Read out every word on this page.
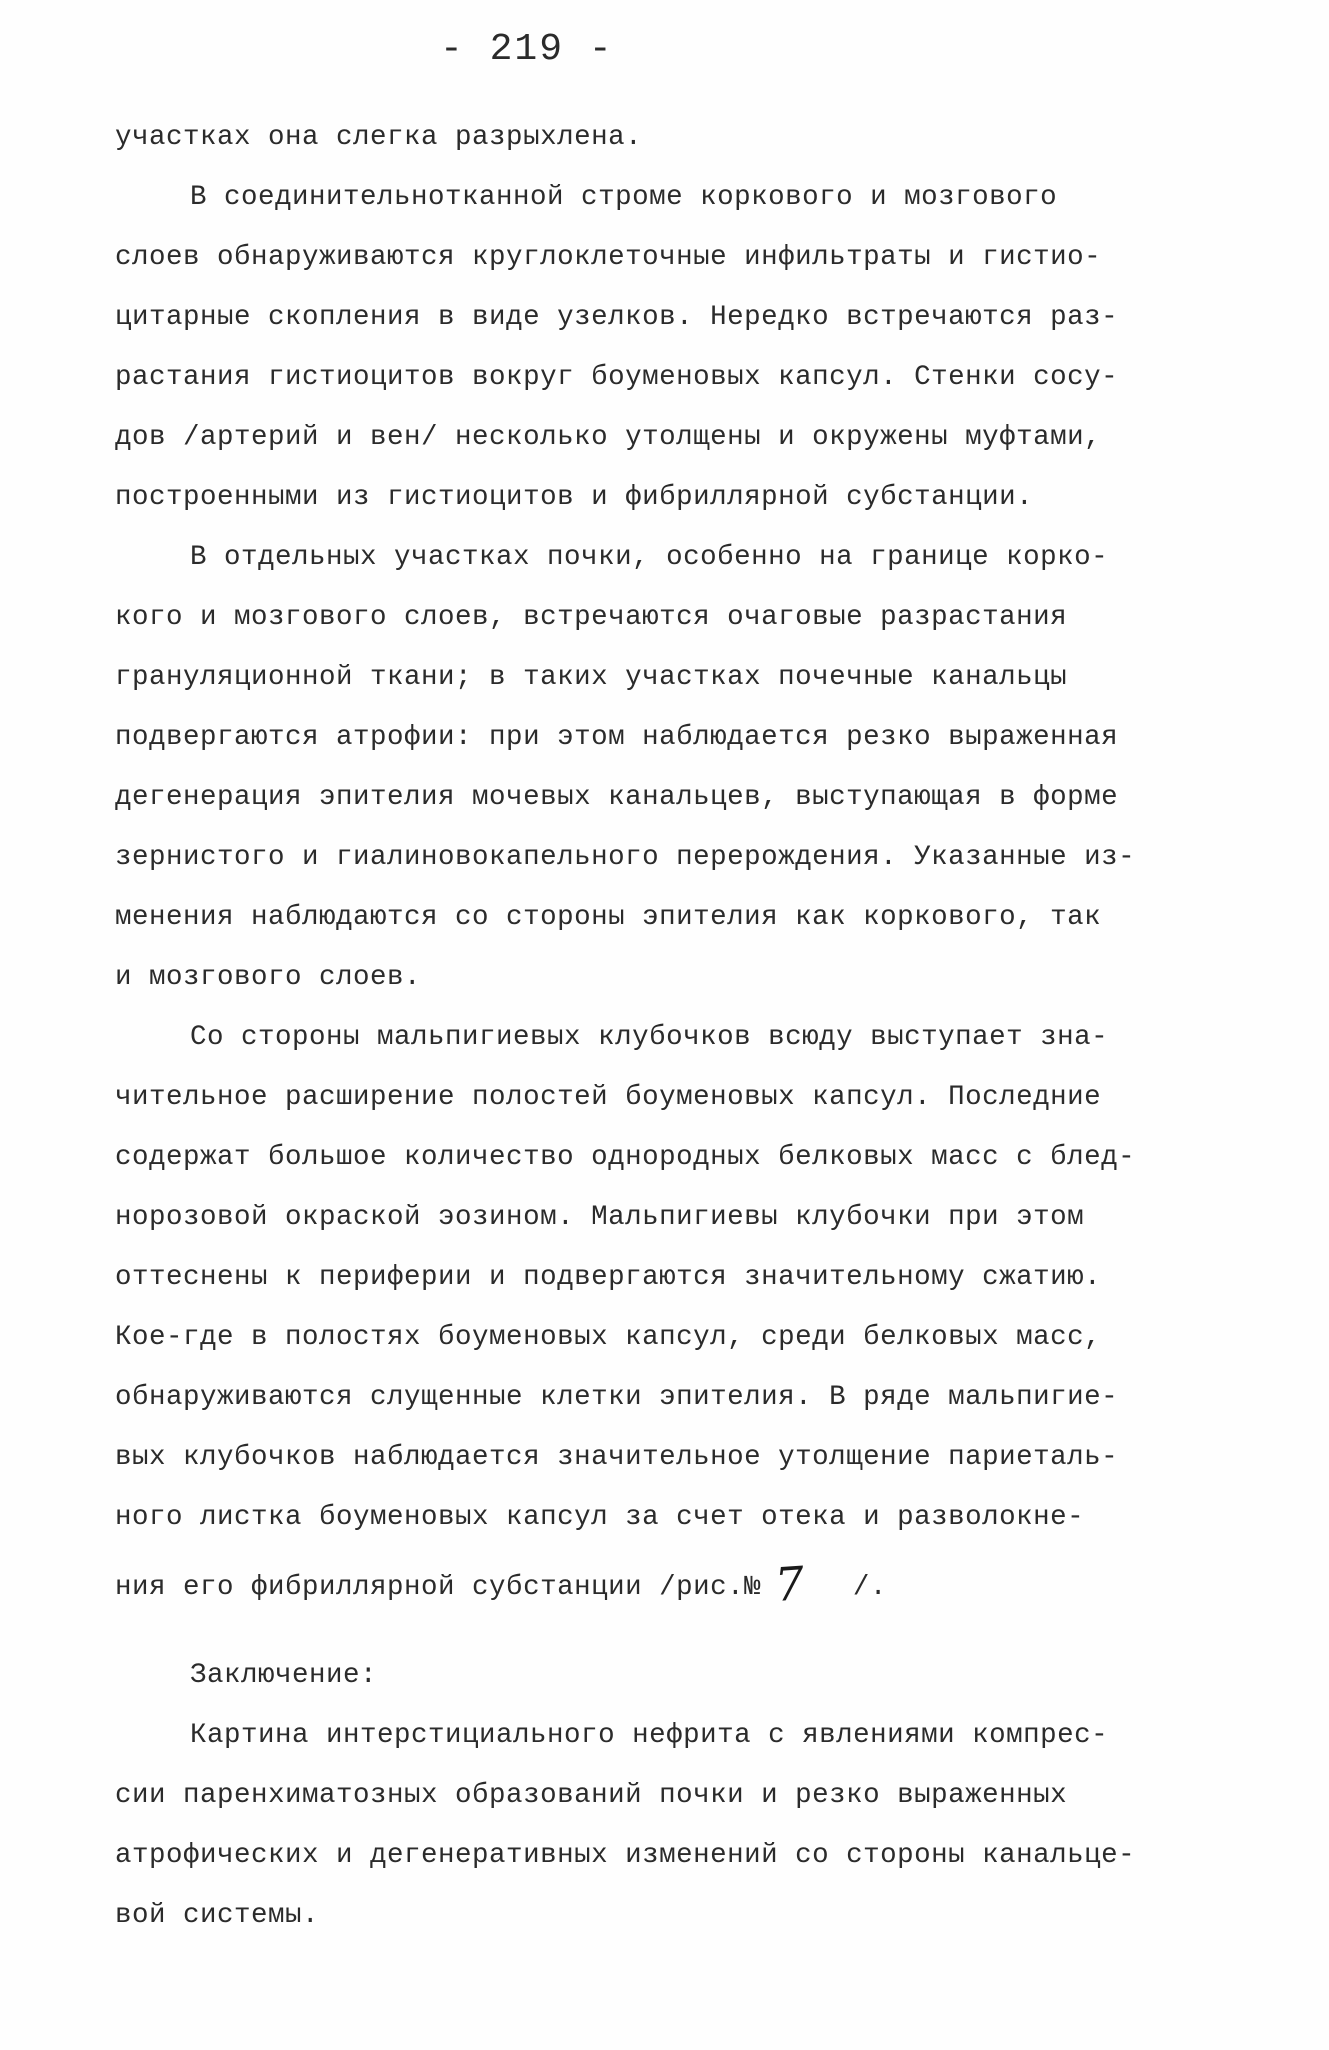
- 219 -
участках она слегка разрыхлена.
В соединительнотканной строме коркового и мозгового
слоев обнаруживаются круглоклеточные инфильтраты и гистио-
цитарные скопления в виде узелков. Нередко встречаются раз-
растания гистиоцитов вокруг боуменовых капсул. Стенки сосу-
дов /артерий и вен/ несколько утолщены и окружены муфтами,
построенными из гистиоцитов и фибриллярной субстанции.
В отдельных участках почки, особенно на границе корко-
кого и мозгового слоев, встречаются очаговые разрастания
грануляционной ткани; в таких участках почечные канальцы
подвергаются атрофии: при этом наблюдается резко выраженная
дегенерация эпителия мочевых канальцев, выступающая в форме
зернистого и гиалиновокапельного перерождения. Указанные из-
менения наблюдаются со стороны эпителия как коркового, так
и мозгового слоев.
Со стороны мальпигиевых клубочков всюду выступает зна-
чительное расширение полостей боуменовых капсул. Последние
содержат большое количество однородных белковых масс с блед-
норозовой окраской эозином. Мальпигиевы клубочки при этом
оттеснены к периферии и подвергаются значительному сжатию.
Кое-где в полостях боуменовых капсул, среди белковых масс,
обнаруживаются слущенные клетки эпителия. В ряде мальпигие-
вых клубочков наблюдается значительное утолщение париеталь-
ного листка боуменовых капсул за счет отека и разволокне-
ния его фибриллярной субстанции /рис.№ 7 /.
Заключение:
Картина интерстициального нефрита с явлениями компрес-
сии паренхиматозных образований почки и резко выраженных
атрофических и дегенеративных изменений со стороны канальце-
вой системы.
